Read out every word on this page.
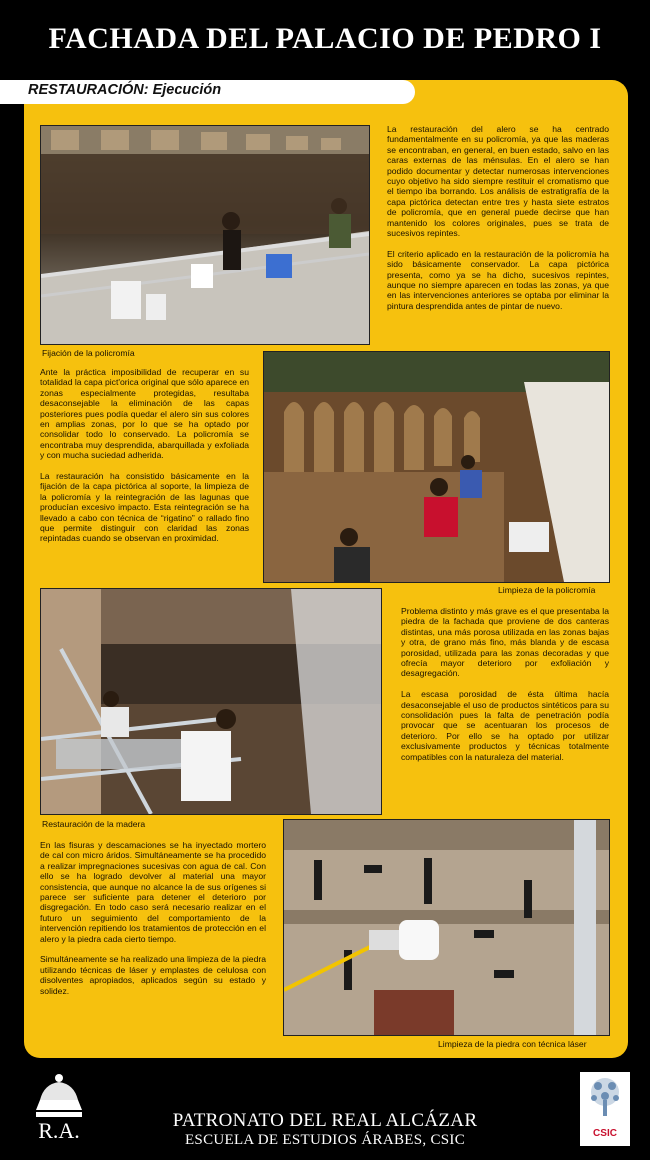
FACHADA DEL PALACIO DE PEDRO I
RESTAURACIÓN: Ejecución

La restauración del alero se ha centrado fundamentalmente en su policromía, ya que las maderas se encontraban, en general, en buen estado, salvo en las caras externas de las ménsulas. En el alero se han podido documentar y detectar numerosas intervenciones cuyo objetivo ha sido siempre restituir el cromatismo que el tiempo iba borrando. Los análisis de estratigrafía de la capa pictórica detectan entre tres y hasta siete estratos de policromía, que en general puede decirse que han mantenido los colores originales, pues se trata de sucesivos repintes.

El criterio aplicado en la restauración de la policromía ha sido básicamente conservador. La capa pictórica presenta, como ya se ha dicho, sucesivos repintes, aunque no siempre aparecen en todas las zonas, ya que en las intervenciones anteriores se optaba por eliminar la pintura desprendida antes de pintar de nuevo.

Fijación de la policromía

Ante la práctica imposibilidad de recuperar en su totalidad la capa pict'orica original que sólo aparece en zonas especialmente protegidas, resultaba desaconsejable la eliminación de las capas posteriores pues podía quedar el alero sin sus colores en amplias zonas, por lo que se ha optado por consolidar todo lo conservado. La policromía se encontraba muy desprendida, abarquillada y exfoliada y con mucha suciedad adherida.

La restauración ha consistido básicamente en la fijación de la capa pictórica al soporte, la limpieza de la policromía y la reintegración de las lagunas que producían excesivo impacto. Esta reintegración se ha llevado a cabo con técnica de “rigatino” o rallado fino que permite distinguir con claridad las zonas repintadas cuando se observan en proximidad.

Limpieza de la policromía

Problema distinto y más grave es el que presentaba la piedra de la fachada que proviene de dos canteras distintas, una más porosa utilizada en las zonas bajas y otra, de grano más fino, más blanda y de escasa porosidad, utilizada para las zonas decoradas y que ofrecía mayor deterioro por exfoliación y desagregación.

La escasa porosidad de ésta última hacía desaconsejable el uso de productos sintéticos para su consolidación pues la falta de penetración podía provocar que se acentuaran los procesos de deterioro. Por ello se ha optado por utilizar exclusivamente productos y técnicas totalmente compatibles con la naturaleza del material.

Restauración de la madera

En las fisuras y descamaciones se ha inyectado mortero de cal con micro áridos. Simultáneamente se ha procedido a realizar impregnaciones sucesivas con agua de cal. Con ello se ha logrado devolver al material una mayor consistencia, que aunque no alcance la de sus orígenes si parece ser suficiente para detener el deterioro por disgregación. En todo caso será necesario realizar en el futuro un seguimiento del comportamiento de la intervención repitiendo los tratamientos de protección en el alero y la piedra cada cierto tiempo.

Simultáneamente se ha realizado una limpieza de la piedra utilizando técnicas de láser y emplastes de celulosa con disolventes apropiados, aplicados según su estado y solidez.

Limpieza de la piedra con técnica láser
R.A.	PATRONATO DEL REAL ALCÁZAR
ESCUELA DE ESTUDIOS ÁRABES, CSIC	CSIC
